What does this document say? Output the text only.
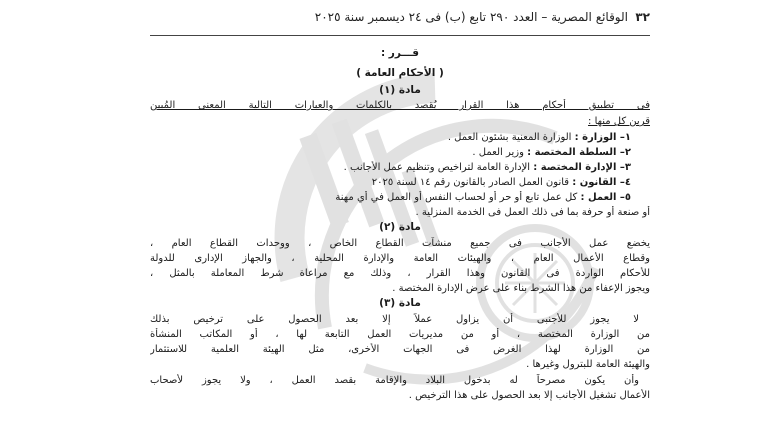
٣٢
الوقائع المصرية – العدد ٢٩٠ تابع (ب) فى ٢٤ ديسمبر سنة ٢٠٢٥
قـــرر :
( الأحكام العامة )
مادة (١)
فى تطبيق أحكام هذا القرار يُقصد بالكلمات والعبارات التالية المعنى المُبين
قرين كل منها :
١– الوزارة : الوزارة المعنية بشئون العمل .
٢– السلطة المختصة : وزير العمل .
٣– الإدارة المختصة : الإدارة العامة لتراخيص وتنظيم عمل الأجانب .
٤– القانون : قانون العمل الصادر بالقانون رقم ١٤ لسنة ٢٠٢٥
٥– العمل : كل عمل تابع أو حر أو لحساب النفس أو العمل في أي مهنة
أو صنعة أو حرفة بما فى ذلك العمل فى الخدمة المنزلية .
مادة (٢)
يخضع عمل الأجانب فى جميع منشآت القطاع الخاص ، ووحدات القطاع العام ،
وقطاع الأعمال العام ، والهيئات العامة والإدارة المحلية ، والجهاز الإدارى للدولة
للأحكام الواردة فى القانون وهذا القرار ، وذلك مع مراعاة شرط المعاملة بالمثل ،
ويجوز الإعفاء من هذا الشرط بناء على عرض الإدارة المختصة .
مادة (٣)
لا يجوز للأجنبى أن يزاول عملاً إلا بعد الحصول على ترخيص بذلك
من الوزارة المختصة ، أو من مديريات العمل التابعة لها ، أو المكاتب المنشأة
من الوزارة لهذا الغرض فى الجهات الأخرى، مثل الهيئة العلمية للاستثمار
والهيئة العامة للبترول وغيرها .
وأن يكون مصرحاً له بدخول البلاد والإقامة بقصد العمل ، ولا يجوز لأصحاب
الأعمال تشغيل الأجانب إلا بعد الحصول على هذا الترخيص .
